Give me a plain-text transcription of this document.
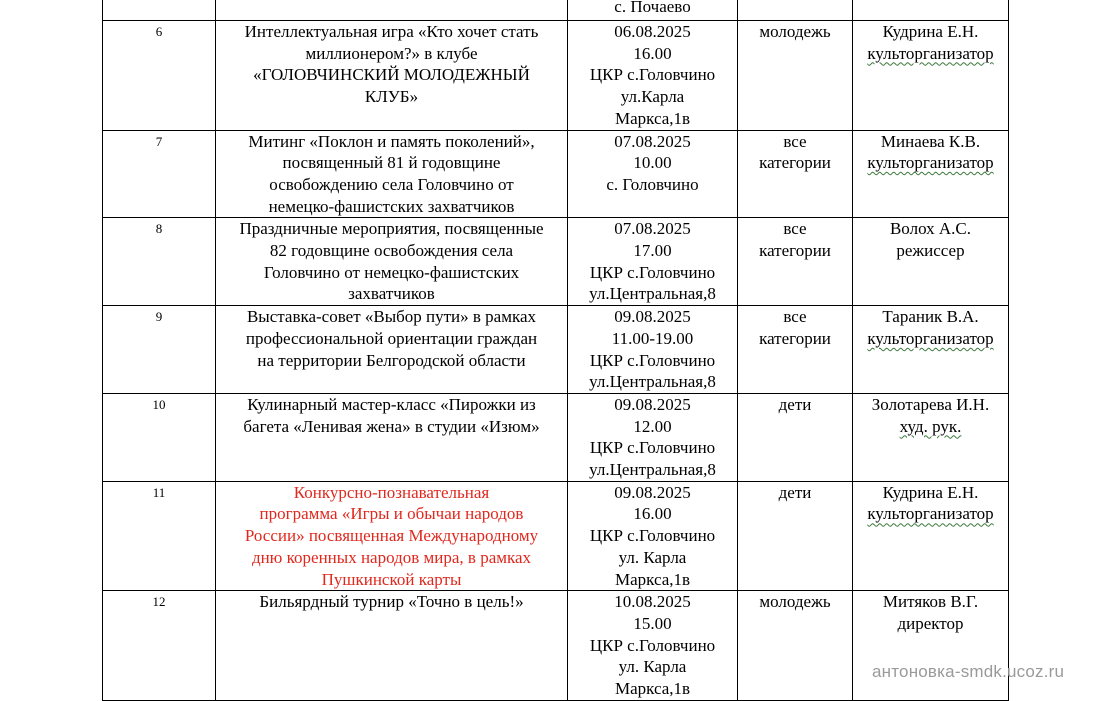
		с. Почаево		

6	Интеллектуальная игра «Кто хочет стать
миллионером?» в клубе
«ГОЛОВЧИНСКИЙ МОЛОДЕЖНЫЙ
КЛУБ»	06.08.2025
16.00
ЦКР с.Головчино
ул.Карла
Маркса,1в	молодежь	Кудрина Е.Н.
культорганизатор

7	Митинг «Поклон и память поколений»,
посвященный 81 й годовщине
освобождению села Головчино от
немецко-фашистских захватчиков	07.08.2025
10.00
с. Головчино	все
категории	Минаева К.В.
культорганизатор

8	Праздничные мероприятия, посвященные
82 годовщине освобождения села
Головчино от немецко-фашистских
захватчиков	07.08.2025
17.00
ЦКР с.Головчино
ул.Центральная,8	все
категории	Волох А.С.
режиссер

9	Выставка-совет «Выбор пути» в рамках
профессиональной ориентации граждан
на территории Белгородской области	09.08.2025
11.00-19.00
ЦКР с.Головчино
ул.Центральная,8	все
категории	Тараник В.А.
культорганизатор

10	Кулинарный мастер-класс «Пирожки из
багета «Ленивая жена» в студии «Изюм»	09.08.2025
12.00
ЦКР с.Головчино
ул.Центральная,8	дети	Золотарева И.Н.
худ. рук.

11	Конкурсно-познавательная
программа «Игры и обычаи народов
России» посвященная Международному
дню коренных народов мира, в рамках
Пушкинской карты	09.08.2025
16.00
ЦКР с.Головчино
ул. Карла
Маркса,1в	дети	Кудрина Е.Н.
культорганизатор

12	Бильярдный турнир «Точно в цель!»	10.08.2025
15.00
ЦКР с.Головчино
ул. Карла
Маркса,1в	молодежь	Митяков В.Г.
директор
антоновка-smdk.ucoz.ru
